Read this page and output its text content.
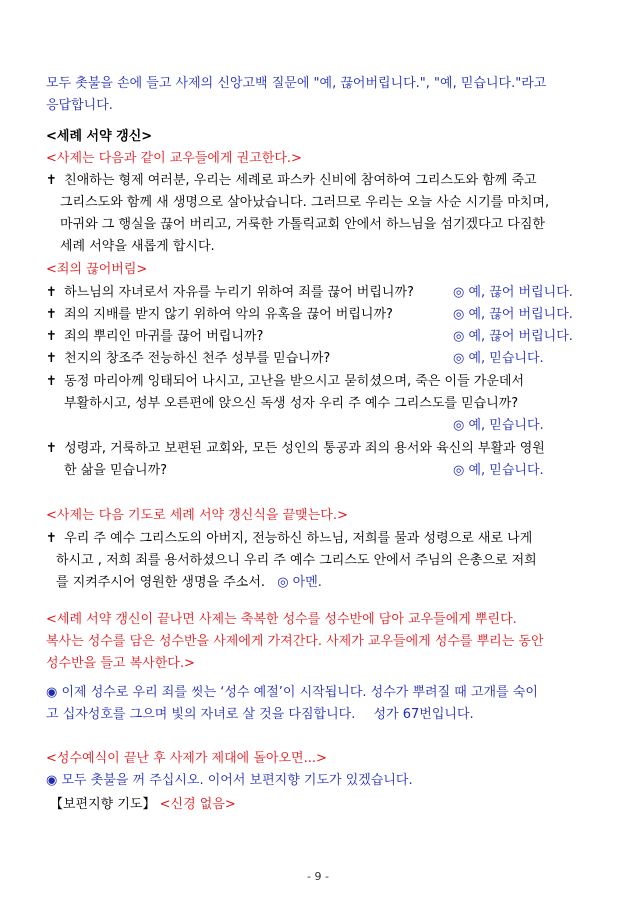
모두 촛불을 손에 들고 사제의 신앙고백 질문에 "예, 끊어버립니다.", "예, 믿습니다."라고
응답합니다.
<세례 서약 갱신>
<사제는 다음과 같이 교우들에게 권고한다.>
✝ 친애하는 형제 여러분, 우리는 세례로 파스카 신비에 참여하여 그리스도와 함께 죽고
그리스도와 함께 새 생명으로 살아났습니다. 그러므로 우리는 오늘 사순 시기를 마치며,
마귀와 그 행실을 끊어 버리고, 거룩한 가톨릭교회 안에서 하느님을 섬기겠다고 다짐한
세례 서약을 새롭게 합시다.
<죄의 끊어버림>
✝ 하느님의 자녀로서 자유를 누리기 위하여 죄를 끊어 버립니까?	◎ 예, 끊어 버립니다.
✝ 죄의 지배를 받지 않기 위하여 악의 유혹을 끊어 버립니까?	◎ 예, 끊어 버립니다.
✝ 죄의 뿌리인 마귀를 끊어 버립니까?	◎ 예, 끊어 버립니다.
✝ 천지의 창조주 전능하신 천주 성부를 믿습니까?	◎ 예, 믿습니다.
✝ 동정 마리아께 잉태되어 나시고, 고난을 받으시고 묻히셨으며, 죽은 이들 가운데서
부활하시고, 성부 오른편에 앉으신 독생 성자 우리 주 예수 그리스도를 믿습니까?
◎ 예, 믿습니다.
✝ 성령과, 거룩하고 보편된 교회와, 모든 성인의 통공과 죄의 용서와 육신의 부활과 영원
한 삶을 믿습니까?	◎ 예, 믿습니다.
<사제는 다음 기도로 세례 서약 갱신식을 끝맺는다.>
✝ 우리 주 예수 그리스도의 아버지, 전능하신 하느님, 저희를 물과 성령으로 새로 나게
하시고 , 저희 죄를 용서하셨으니 우리 주 예수 그리스도 안에서 주님의 은총으로 저희
를 지켜주시어 영원한 생명을 주소서. ◎ 아멘.
<세례 서약 갱신이 끝나면 사제는 축복한 성수를 성수반에 담아 교우들에게 뿌린다.
복사는 성수를 담은 성수반을 사제에게 가져간다. 사제가 교우들에게 성수를 뿌리는 동안
성수반을 들고 복사한다.>
◉ 이제 성수로 우리 죄를 씻는 ‘성수 예절’이 시작됩니다. 성수가 뿌려질 때 고개를 숙이
고 십자성호를 그으며 빛의 자녀로 살 것을 다짐합니다. 성가 67번입니다.
<성수예식이 끝난 후 사제가 제대에 돌아오면...>
◉ 모두 촛불을 꺼 주십시오. 이어서 보편지향 기도가 있겠습니다.
【보편지향 기도】 <신경 없음>
- 9 -
